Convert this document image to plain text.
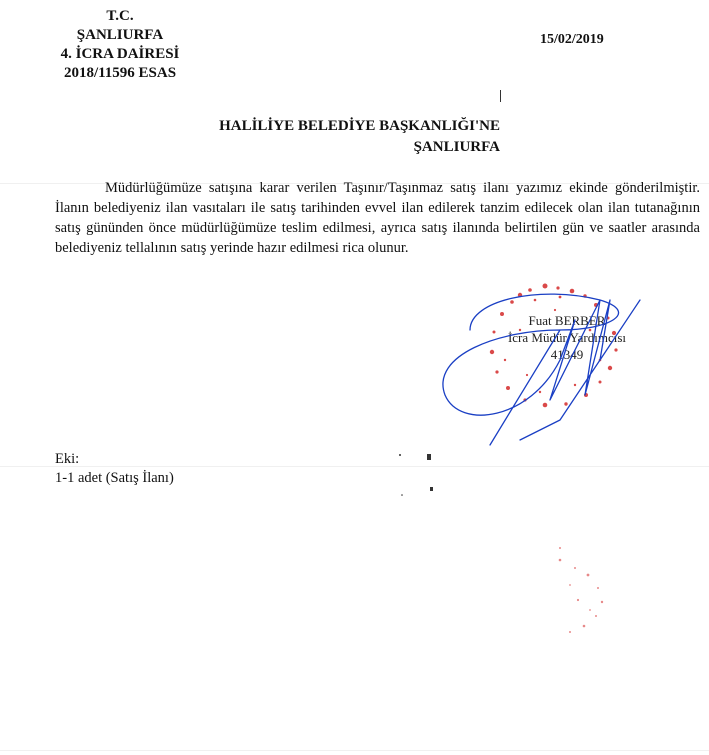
T.C.
ŞANLIURFA
4. İCRA DAİRESİ
2018/11596 ESAS
15/02/2019
HALİLİYE BELEDİYE BAŞKANLIĞI'NE
ŞANLIURFA
Müdürlüğümüze satışına karar verilen Taşınır/Taşınmaz satış ilanı yazımız ekinde gönderilmiştir. İlanın belediyeniz ilan vasıtaları ile satış tarihinden evvel ilan edilerek tanzim edilecek olan ilan tutanağının satış gününden önce müdürlüğümüze teslim edilmesi, ayrıca satış ilanında belirtilen gün ve saatler arasında belediyeniz tellalının satış yerinde hazır edilmesi rica olunur.
Fuat BERBER
İcra Müdür Yardımcısı
41349
Eki:
1-1 adet (Satış İlanı)
